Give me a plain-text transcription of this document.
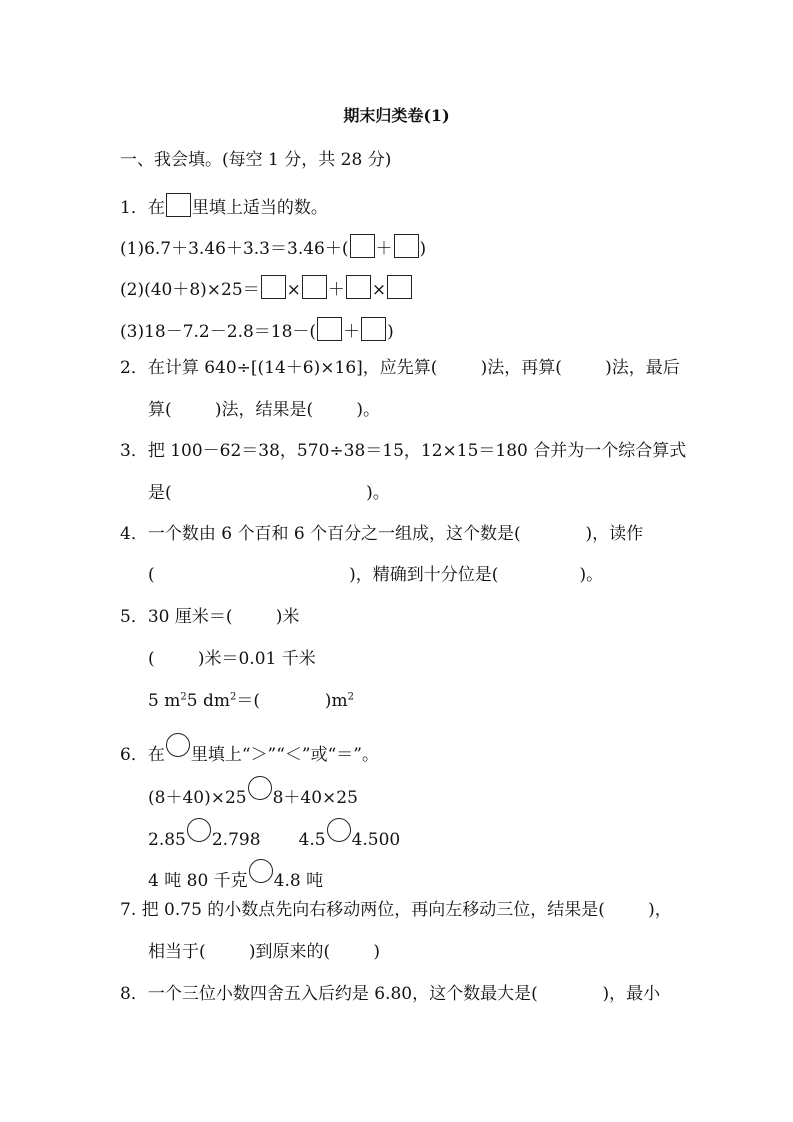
期末归类卷(1)
一、我会填。(每空 1 分，共 28 分)
1．在 里填上适当的数。
(1)6.7＋3.46＋3.3＝3.46＋( ＋ )
(2)(40＋8)×25＝ × ＋ ×
(3)18－7.2－2.8＝18－( ＋ )
2．在计算 640÷[(14＋6)×16]，应先算(        )法，再算(        )法，最后
算(        )法，结果是(        )。
3．把 100－62＝38，570÷38＝15，12×15＝180 合并为一个综合算式
是(                                    )。
4．一个数由 6 个百和 6 个百分之一组成，这个数是(            )，读作
(                                    )，精确到十分位是(               )。
5．30 厘米＝(        )米
(        )米＝0.01 千米
5 $m^25$ $dm^2=$(            )$m^2$
6．在 里填上“＞”“＜”或“＝”。
(8＋40)×25 8＋40×25
2.85 2.798 4.5 4.500
4 吨 80 千克 4.8 吨
7. 把 0.75 的小数点先向右移动两位，再向左移动三位，结果是(        )，
相当于(        )到原来的(        )
8．一个三位小数四舍五入后约是 6.80，这个数最大是(            )，最小
